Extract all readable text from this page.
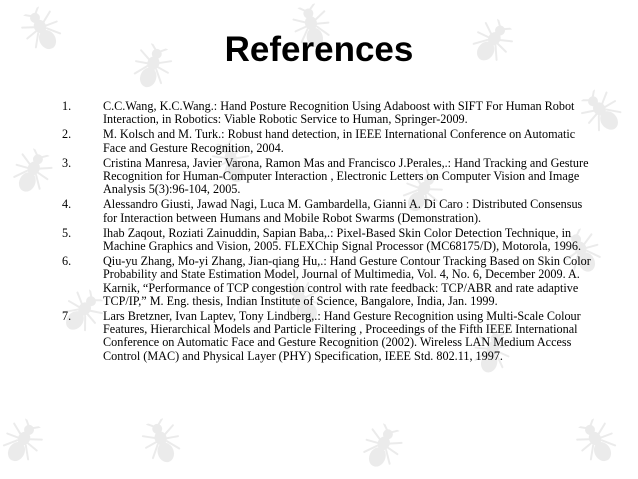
References
1.	C.C.Wang, K.C.Wang.: Hand Posture Recognition Using Adaboost with SIFT For Human Robot Interaction, in Robotics: Viable Robotic Service to Human, Springer-2009.
2.	M. Kolsch and M. Turk.: Robust hand detection, in IEEE International Conference on Automatic Face and Gesture Recognition, 2004.
3.	Cristina Manresa, Javier Varona, Ramon Mas and Francisco J.Perales,.: Hand Tracking and Gesture Recognition for Human-Computer Interaction , Electronic Letters on Computer Vision and Image Analysis 5(3):96-104, 2005.
4.	Alessandro Giusti, Jawad Nagi, Luca M. Gambardella, Gianni A. Di Caro : Distributed Consensus for Interaction between Humans and Mobile Robot Swarms (Demonstration).
5.	Ihab Zaqout, Roziati Zainuddin, Sapian Baba,.: Pixel-Based Skin Color Detection Technique, in Machine Graphics and Vision, 2005. FLEXChip Signal Processor (MC68175/D), Motorola, 1996.
6.	Qiu-yu Zhang, Mo-yi Zhang, Jian-qiang Hu,.: Hand Gesture Contour Tracking Based on Skin Color Probability and State Estimation Model, Journal of Multimedia, Vol. 4, No. 6, December 2009. A. Karnik, “Performance of TCP congestion control with rate feedback: TCP/ABR and rate adaptive TCP/IP,” M. Eng. thesis, Indian Institute of Science, Bangalore, India, Jan. 1999.
7.	Lars Bretzner, Ivan Laptev, Tony Lindberg,.: Hand Gesture Recognition using Multi-Scale Colour Features, Hierarchical Models and Particle Filtering , Proceedings of the Fifth IEEE International Conference on Automatic Face and Gesture Recognition (2002). Wireless LAN Medium Access Control (MAC) and Physical Layer (PHY) Specification, IEEE Std. 802.11, 1997.
